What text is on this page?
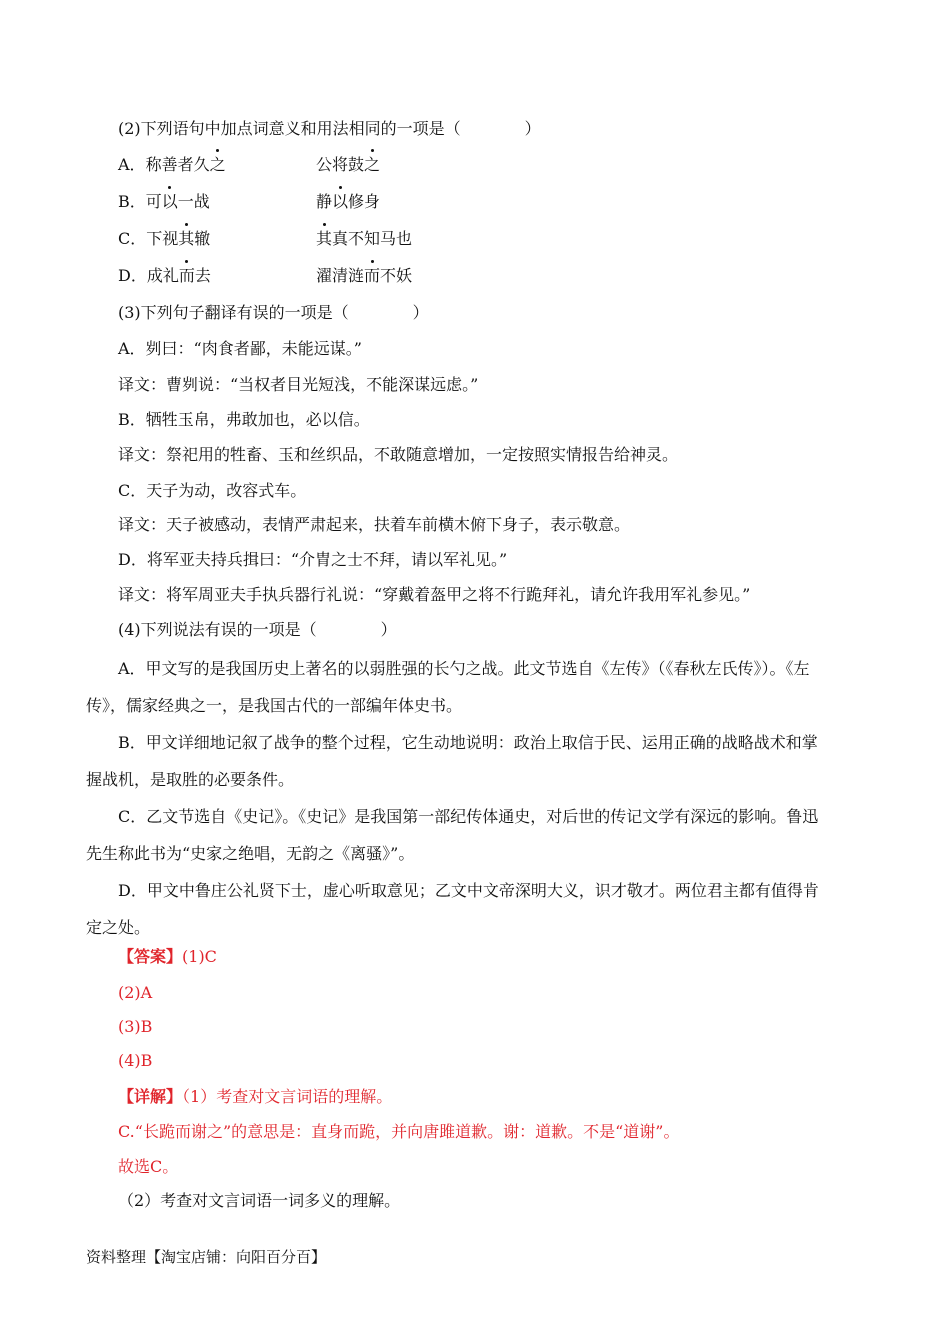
(2)下列语句中加点词意义和用法相同的一项是（　　　　）
A．称善者久之	公将鼓之
B．可以一战	静以修身
C．下视其辙	其真不知马也
D．成礼而去	濯清涟而不妖
(3)下列句子翻译有误的一项是（　　　　）
A．刿曰：“肉食者鄙，未能远谋。”
译文：曹刿说：“当权者目光短浅，不能深谋远虑。”
B．牺牲玉帛，弗敢加也，必以信。
译文：祭祀用的牲畜、玉和丝织品，不敢随意增加，一定按照实情报告给神灵。
C．天子为动，改容式车。
译文：天子被感动，表情严肃起来，扶着车前横木俯下身子，表示敬意。
D．将军亚夫持兵揖曰：“介胄之士不拜，请以军礼见。”
译文：将军周亚夫手执兵器行礼说：“穿戴着盔甲之将不行跪拜礼，请允许我用军礼参见。”
(4)下列说法有误的一项是（　　　　）
A．甲文写的是我国历史上著名的以弱胜强的长勺之战。此文节选自《左传》（《春秋左氏传》）。《左传》，儒家经典之一，是我国古代的一部编年体史书。
B．甲文详细地记叙了战争的整个过程，它生动地说明：政治上取信于民、运用正确的战略战术和掌握战机，是取胜的必要条件。
C．乙文节选自《史记》。《史记》是我国第一部纪传体通史，对后世的传记文学有深远的影响。鲁迅先生称此书为“史家之绝唱，无韵之《离骚》”。
D．甲文中鲁庄公礼贤下士，虚心听取意见；乙文中文帝深明大义，识才敬才。两位君主都有值得肯定之处。
【答案】(1)C
(2)A
(3)B
(4)B
【详解】（1）考查对文言词语的理解。
C.“长跪而谢之”的意思是：直身而跪，并向唐雎道歉。谢：道歉。不是“道谢”。
故选C。
（2）考查对文言词语一词多义的理解。
资料整理【淘宝店铺：向阳百分百】
